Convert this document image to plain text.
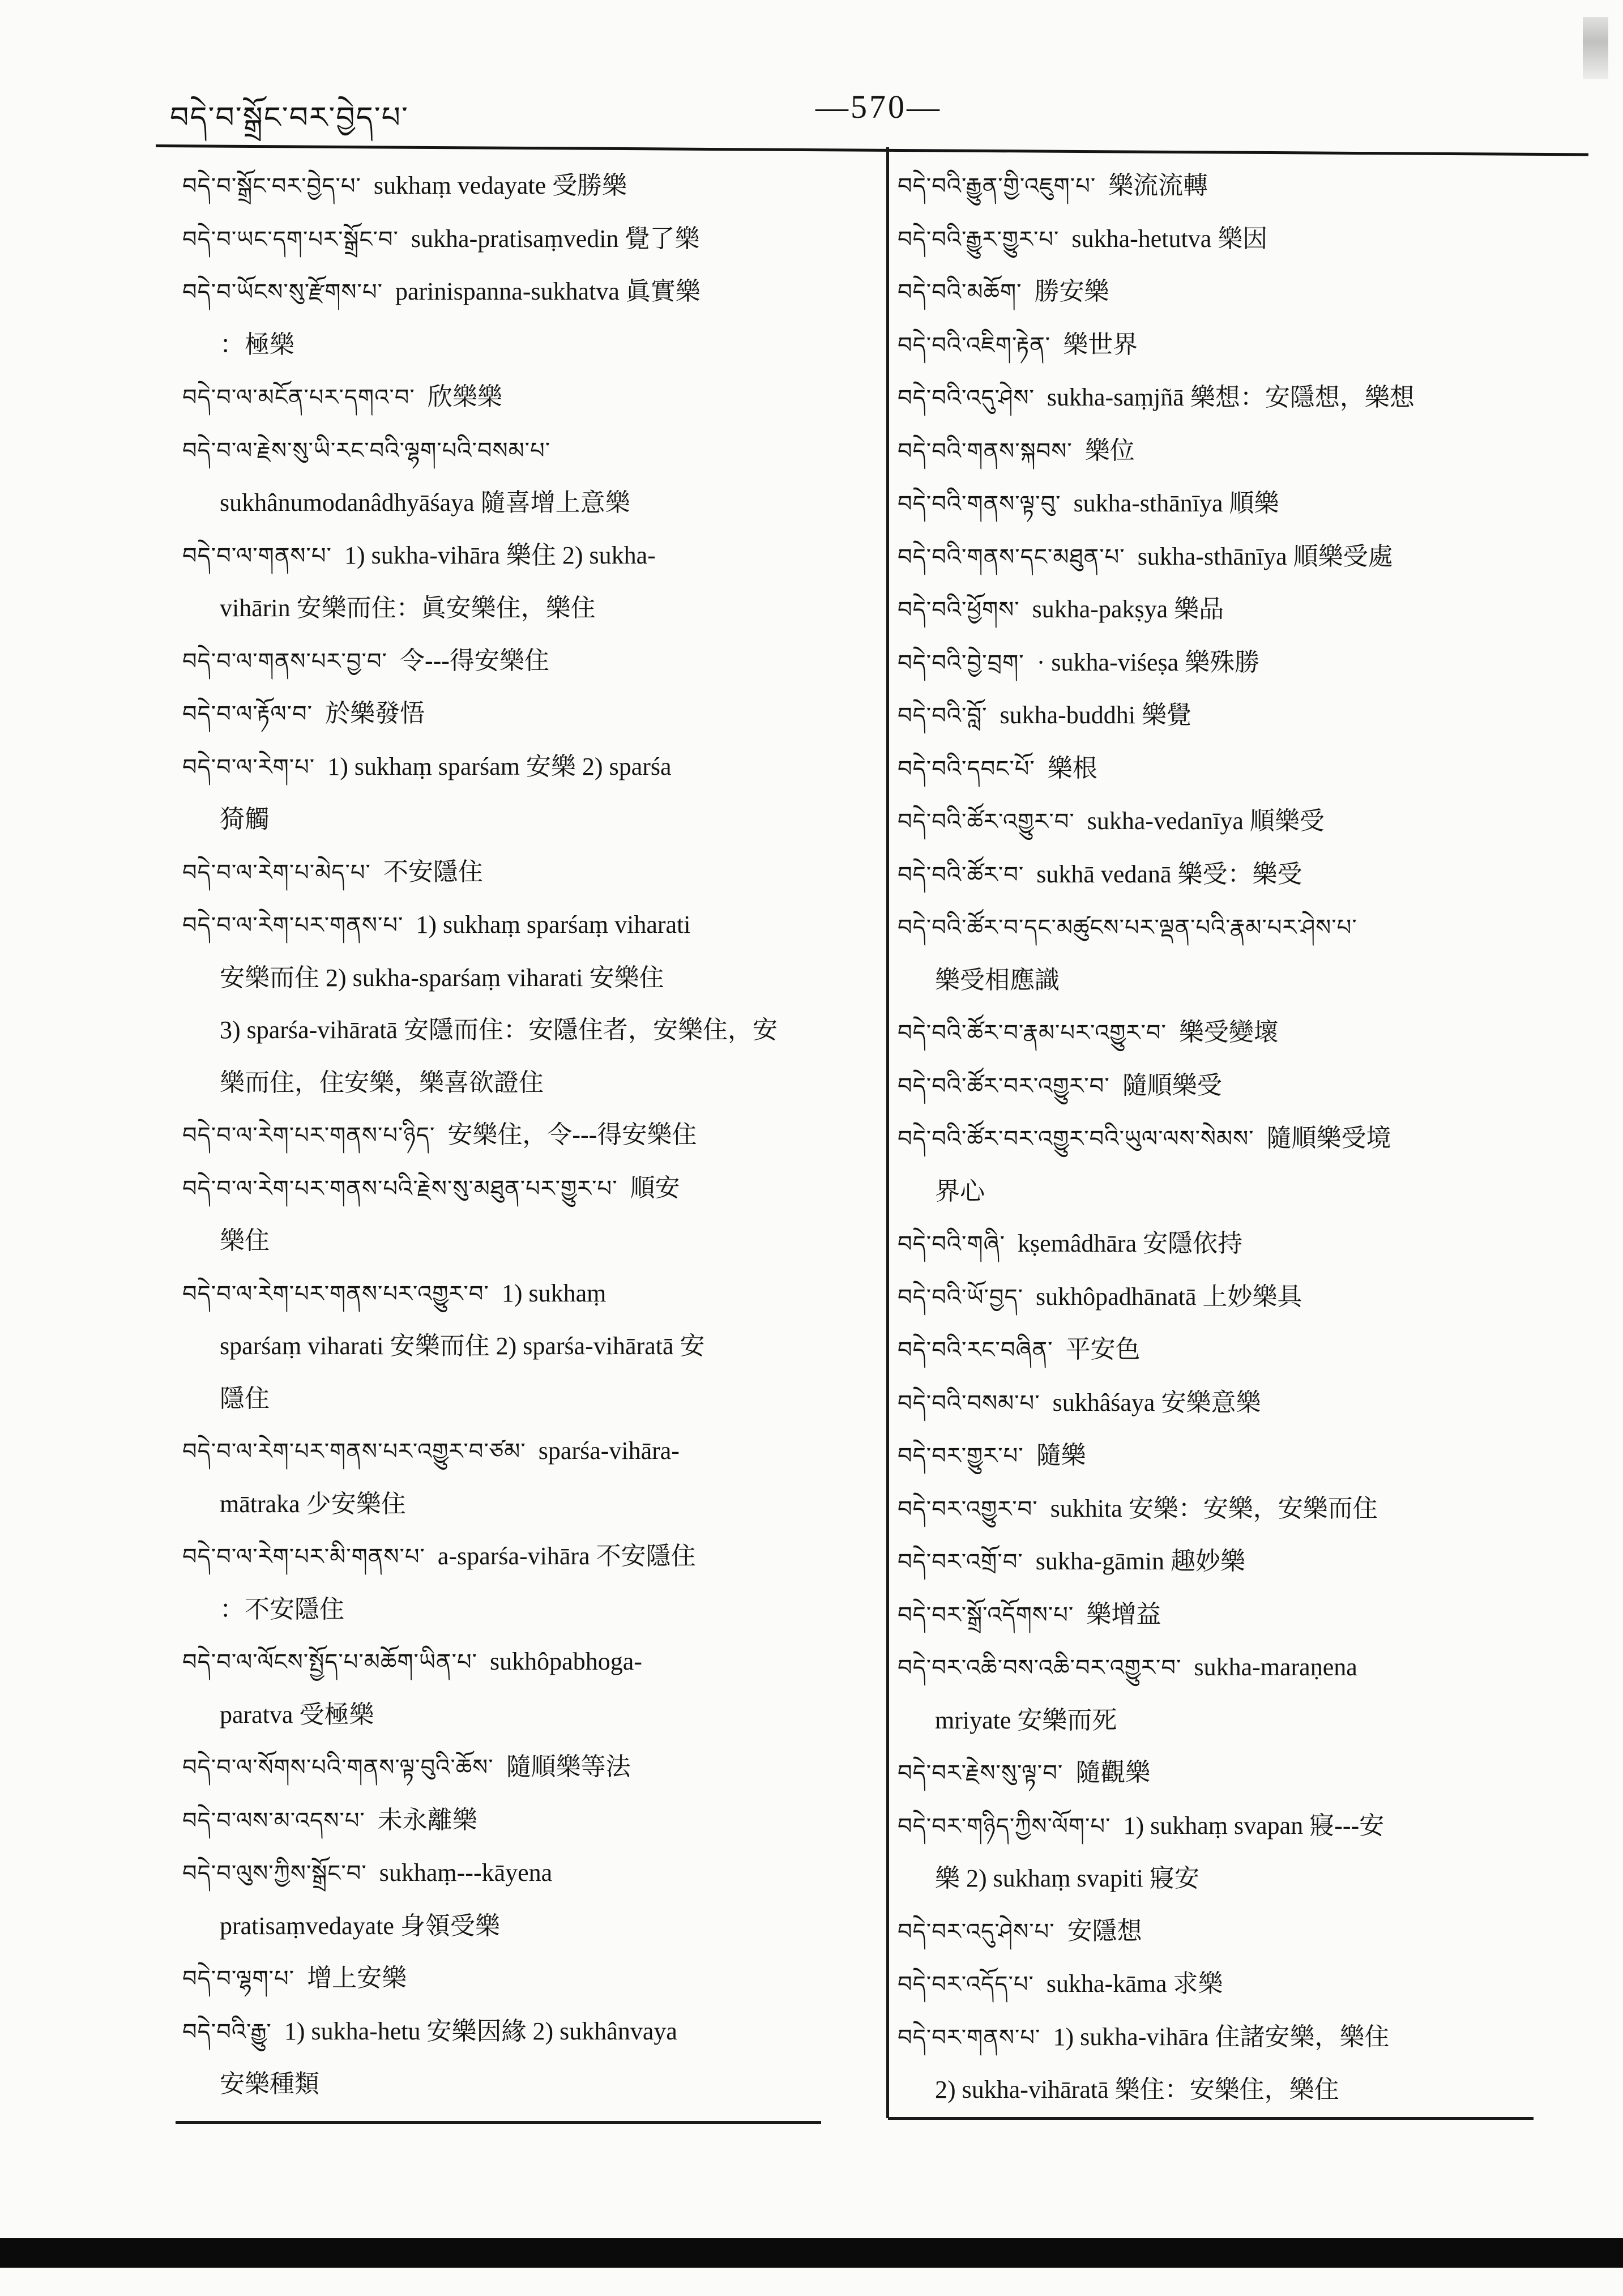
བདེ་བ་སྒྲོང་བར་བྱེད་པ་	—570—
བདེ་བ་སྒྲོང་བར་བྱེད་པ་ sukhaṃ vedayate 受勝樂
བདེ་བ་ཡང་དག་པར་སྒྲོང་བ་ sukha-pratisaṃvedin 覺了樂
བདེ་བ་ཡོངས་སུ་རྫོགས་པ་ parinispanna-sukhatva 眞實樂
：極樂
བདེ་བ་ལ་མངོན་པར་དགའ་བ་ 欣樂樂
བདེ་བ་ལ་རྗེས་སུ་ཡི་རང་བའི་ལྷག་པའི་བསམ་པ་
sukhânumodanâdhyāśaya 隨喜增上意樂
བདེ་བ་ལ་གནས་པ་ 1) sukha-vihāra 樂住 2) sukha-
vihārin 安樂而住：眞安樂住，樂住
བདེ་བ་ལ་གནས་པར་བྱ་བ་ 令---得安樂住
བདེ་བ་ལ་རྟོལ་བ་ 於樂發悟
བདེ་བ་ལ་རེག་པ་ 1) sukhaṃ sparśam 安樂 2) sparśa
猗觸
བདེ་བ་ལ་རེག་པ་མེད་པ་ 不安隱住
བདེ་བ་ལ་རེག་པར་གནས་པ་ 1) sukhaṃ sparśaṃ viharati
安樂而住 2) sukha-sparśaṃ viharati 安樂住
3) sparśa-vihāratā 安隱而住：安隱住者，安樂住，安
樂而住，住安樂，樂喜欲證住
བདེ་བ་ལ་རེག་པར་གནས་པ་ཉིད་ 安樂住，令---得安樂住
བདེ་བ་ལ་རེག་པར་གནས་པའི་རྗེས་སུ་མཐུན་པར་གྱུར་པ་ 順安
樂住
བདེ་བ་ལ་རེག་པར་གནས་པར་འགྱུར་བ་ 1) sukhaṃ
sparśaṃ viharati 安樂而住 2) sparśa-vihāratā 安
隱住
བདེ་བ་ལ་རེག་པར་གནས་པར་འགྱུར་བ་ཙམ་ sparśa-vihāra-
mātraka 少安樂住
བདེ་བ་ལ་རེག་པར་མི་གནས་པ་ a-sparśa-vihāra 不安隱住
：不安隱住
བདེ་བ་ལ་ལོངས་སྤྱོད་པ་མཆོག་ཡིན་པ་ sukhôpabhoga-
paratva 受極樂
བདེ་བ་ལ་སོགས་པའི་གནས་ལྟ་བུའི་ཆོས་ 隨順樂等法
བདེ་བ་ལས་མ་འདས་པ་ 未永離樂
བདེ་བ་ལུས་ཀྱིས་སྒྲོང་བ་ sukhaṃ---kāyena
pratisaṃvedayate 身領受樂
བདེ་བ་ལྷག་པ་ 增上安樂
བདེ་བའི་རྒྱུ་ 1) sukha-hetu 安樂因緣 2) sukhânvaya
安樂種類
བདེ་བའི་རྒྱུན་གྱི་འཇུག་པ་ 樂流流轉
བདེ་བའི་རྒྱུར་གྱུར་པ་ sukha-hetutva 樂因
བདེ་བའི་མཆོག་ 勝安樂
བདེ་བའི་འཇིག་རྟེན་ 樂世界
བདེ་བའི་འདུ་ཤེས་ sukha-saṃjñā 樂想：安隱想，樂想
བདེ་བའི་གནས་སྐབས་ 樂位
བདེ་བའི་གནས་ལྟ་བུ་ sukha-sthānīya 順樂
བདེ་བའི་གནས་དང་མཐུན་པ་ sukha-sthānīya 順樂受處
བདེ་བའི་ཕྱོགས་ sukha-pakṣya 樂品
བདེ་བའི་བྱེ་བྲག་ · sukha-viśeṣa 樂殊勝
བདེ་བའི་བློ་ sukha-buddhi 樂覺
བདེ་བའི་དབང་པོ་ 樂根
བདེ་བའི་ཚོར་འགྱུར་བ་ sukha-vedanīya 順樂受
བདེ་བའི་ཚོར་བ་ sukhā vedanā 樂受：樂受
བདེ་བའི་ཚོར་བ་དང་མཚུངས་པར་ལྡན་པའི་རྣམ་པར་ཤེས་པ་
樂受相應識
བདེ་བའི་ཚོར་བ་རྣམ་པར་འགྱུར་བ་ 樂受變壞
བདེ་བའི་ཚོར་བར་འགྱུར་བ་ 隨順樂受
བདེ་བའི་ཚོར་བར་འགྱུར་བའི་ཡུལ་ལས་སེམས་ 隨順樂受境
界心
བདེ་བའི་གཞི་ kṣemâdhāra 安隱依持
བདེ་བའི་ཡོ་བྱད་ sukhôpadhānatā 上妙樂具
བདེ་བའི་རང་བཞིན་ 平安色
བདེ་བའི་བསམ་པ་ sukhâśaya 安樂意樂
བདེ་བར་གྱུར་པ་ 隨樂
བདེ་བར་འགྱུར་བ་ sukhita 安樂：安樂，安樂而住
བདེ་བར་འགྲོ་བ་ sukha-gāmin 趣妙樂
བདེ་བར་སྒྲོ་འདོགས་པ་ 樂增益
བདེ་བར་འཆི་བས་འཆི་བར་འགྱུར་བ་ sukha-maraṇena
mriyate 安樂而死
བདེ་བར་རྗེས་སུ་ལྟ་བ་ 隨觀樂
བདེ་བར་གཉིད་ཀྱིས་ལོག་པ་ 1) sukhaṃ svapan 寢---安
樂 2) sukhaṃ svapiti 寢安
བདེ་བར་འདུ་ཤེས་པ་ 安隱想
བདེ་བར་འདོད་པ་ sukha-kāma 求樂
བདེ་བར་གནས་པ་ 1) sukha-vihāra 住諸安樂，樂住
2) sukha-vihāratā 樂住：安樂住，樂住
